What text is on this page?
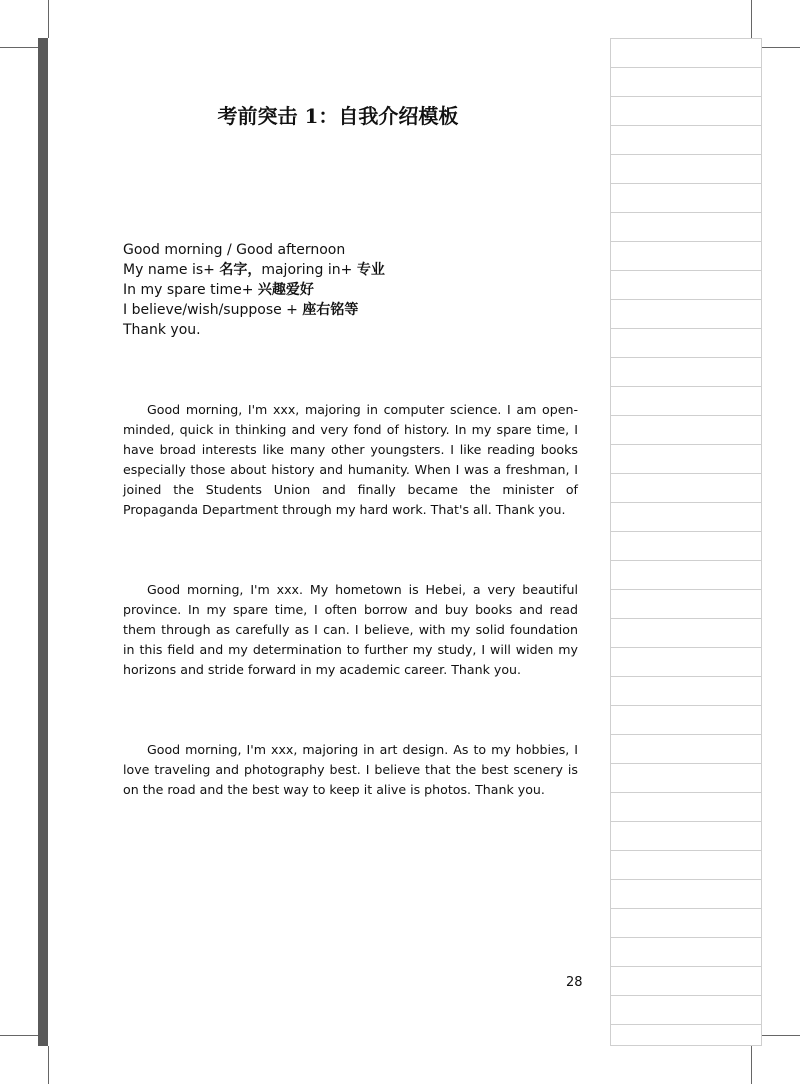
考前突击 1：自我介绍模板
Good morning / Good afternoon
My name is+ 名字，majoring in+ 专业
In my spare time+ 兴趣爱好
I believe/wish/suppose + 座右铭等
Thank you.

Good morning, I'm xxx, majoring in computer science. I am open-minded, quick in thinking and very fond of history. In my spare time, I have broad interests like many other youngsters. I like reading books especially those about history and humanity. When I was a freshman, I joined the Students Union and finally became the minister of Propaganda Department through my hard work. That's all. Thank you.

Good morning, I'm xxx. My hometown is Hebei, a very beautiful province. In my spare time, I often borrow and buy books and read them through as carefully as I can. I believe, with my solid foundation in this field and my determination to further my study, I will widen my horizons and stride forward in my academic career. Thank you.

Good morning, I'm xxx, majoring in art design. As to my hobbies, I love traveling and photography best. I believe that the best scenery is on the road and the best way to keep it alive is photos. Thank you.

28
